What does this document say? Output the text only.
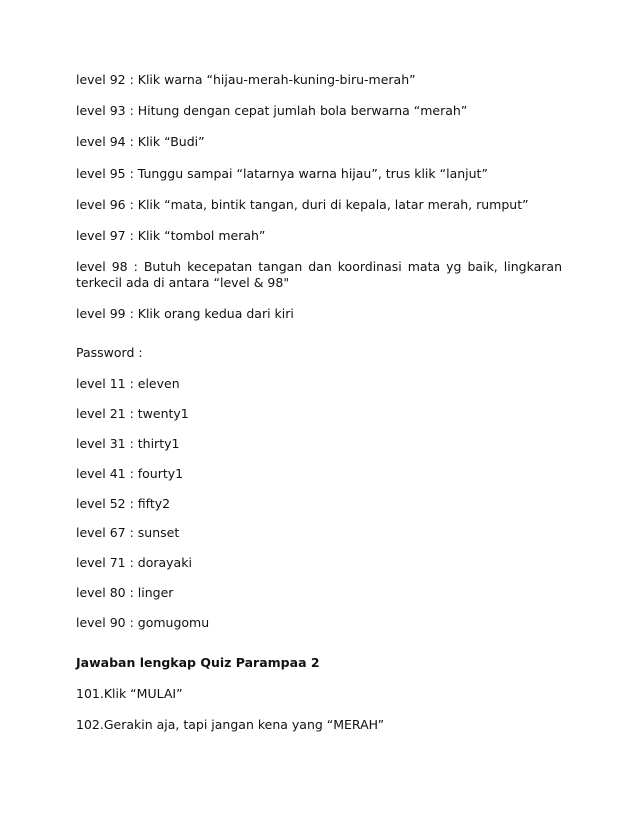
level 92 : Klik warna “hijau-merah-kuning-biru-merah”
level 93 : Hitung dengan cepat jumlah bola berwarna “merah”
level 94 : Klik “Budi”
level 95 : Tunggu sampai “latarnya warna hijau”, trus klik “lanjut”
level 96 : Klik “mata, bintik tangan, duri di kepala, latar merah, rumput”
level 97 : Klik “tombol merah”
level 98 : Butuh kecepatan tangan dan koordinasi mata yg baik, lingkaran terkecil ada di antara “level & 98"
level 99 : Klik orang kedua dari kiri
Password :
level 11 : eleven
level 21 : twenty1
level 31 : thirty1
level 41 : fourty1
level 52 : fifty2
level 67 : sunset
level 71 : dorayaki
level 80 : linger
level 90 : gomugomu
Jawaban lengkap Quiz Parampaa 2
101.Klik “MULAI”
102.Gerakin aja, tapi jangan kena yang “MERAH”
